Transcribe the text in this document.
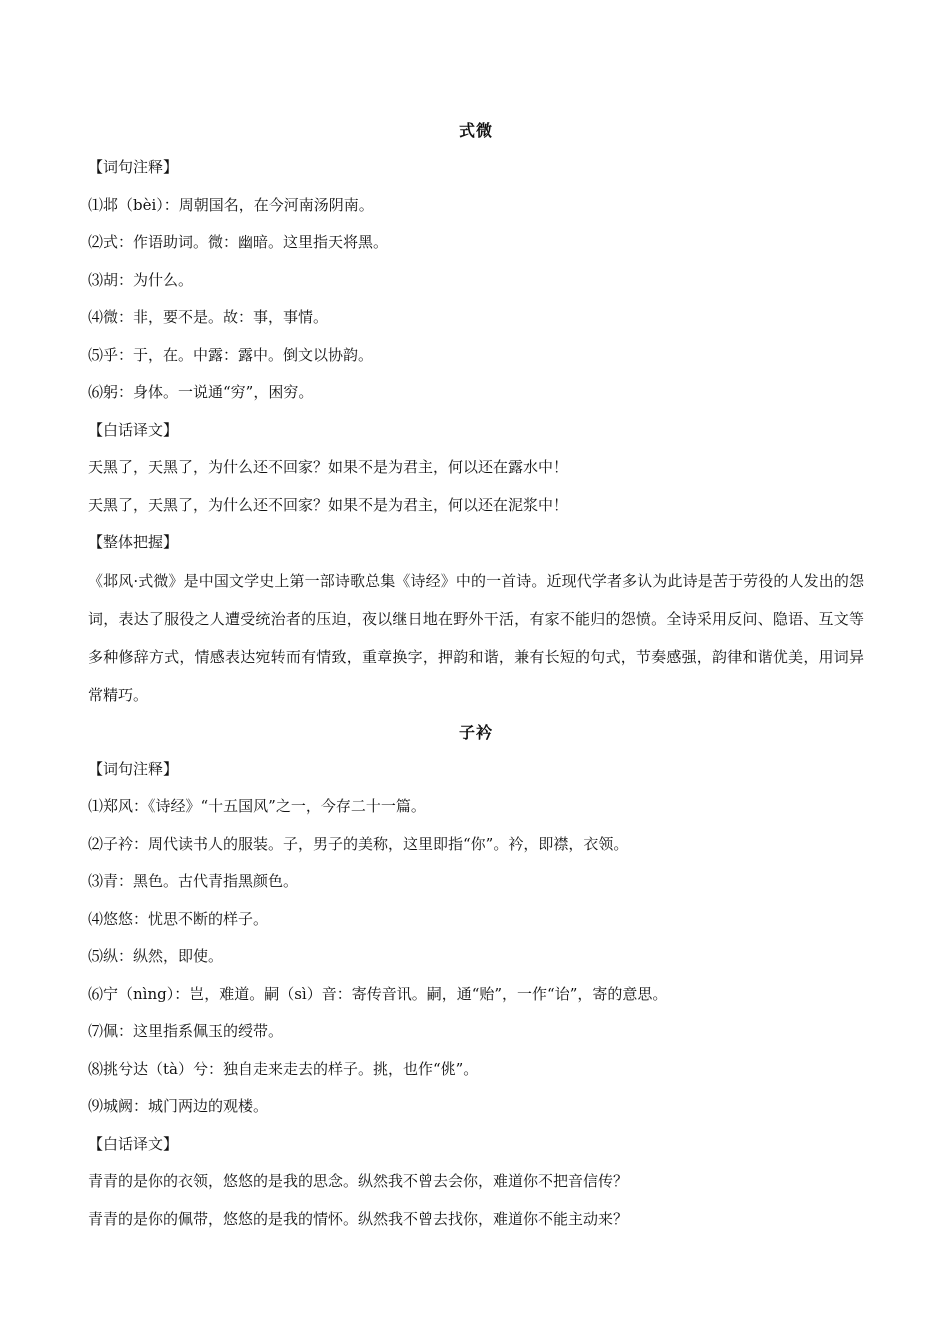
式微
【词句注释】
⑴邶（bèi）：周朝国名，在今河南汤阴南。
⑵式：作语助词。微：幽暗。这里指天将黑。
⑶胡：为什么。
⑷微：非，要不是。故：事，事情。
⑸乎：于，在。中露：露中。倒文以协韵。
⑹躬：身体。一说通“穷”，困穷。
【白话译文】
天黑了，天黑了，为什么还不回家？如果不是为君主，何以还在露水中！
天黑了，天黑了，为什么还不回家？如果不是为君主，何以还在泥浆中！
【整体把握】
《邶风·式微》是中国文学史上第一部诗歌总集《诗经》中的一首诗。近现代学者多认为此诗是苦于劳役的人发出的怨词，表达了服役之人遭受统治者的压迫，夜以继日地在野外干活，有家不能归的怨愤。全诗采用反问、隐语、互文等多种修辞方式，情感表达宛转而有情致，重章换字，押韵和谐，兼有长短的句式，节奏感强，韵律和谐优美，用词异常精巧。
子衿
【词句注释】
⑴郑风：《诗经》“十五国风”之一，今存二十一篇。
⑵子衿：周代读书人的服装。子，男子的美称，这里即指“你”。衿，即襟，衣领。
⑶青：黑色。古代青指黑颜色。
⑷悠悠：忧思不断的样子。
⑸纵：纵然，即使。
⑹宁（nìng）：岂，难道。嗣（sì）音：寄传音讯。嗣，通“贻”，一作“诒”，寄的意思。
⑺佩：这里指系佩玉的绶带。
⑻挑兮达（tà）兮：独自走来走去的样子。挑，也作“佻”。
⑼城阙：城门两边的观楼。
【白话译文】
青青的是你的衣领，悠悠的是我的思念。纵然我不曾去会你，难道你不把音信传？
青青的是你的佩带，悠悠的是我的情怀。纵然我不曾去找你，难道你不能主动来？
